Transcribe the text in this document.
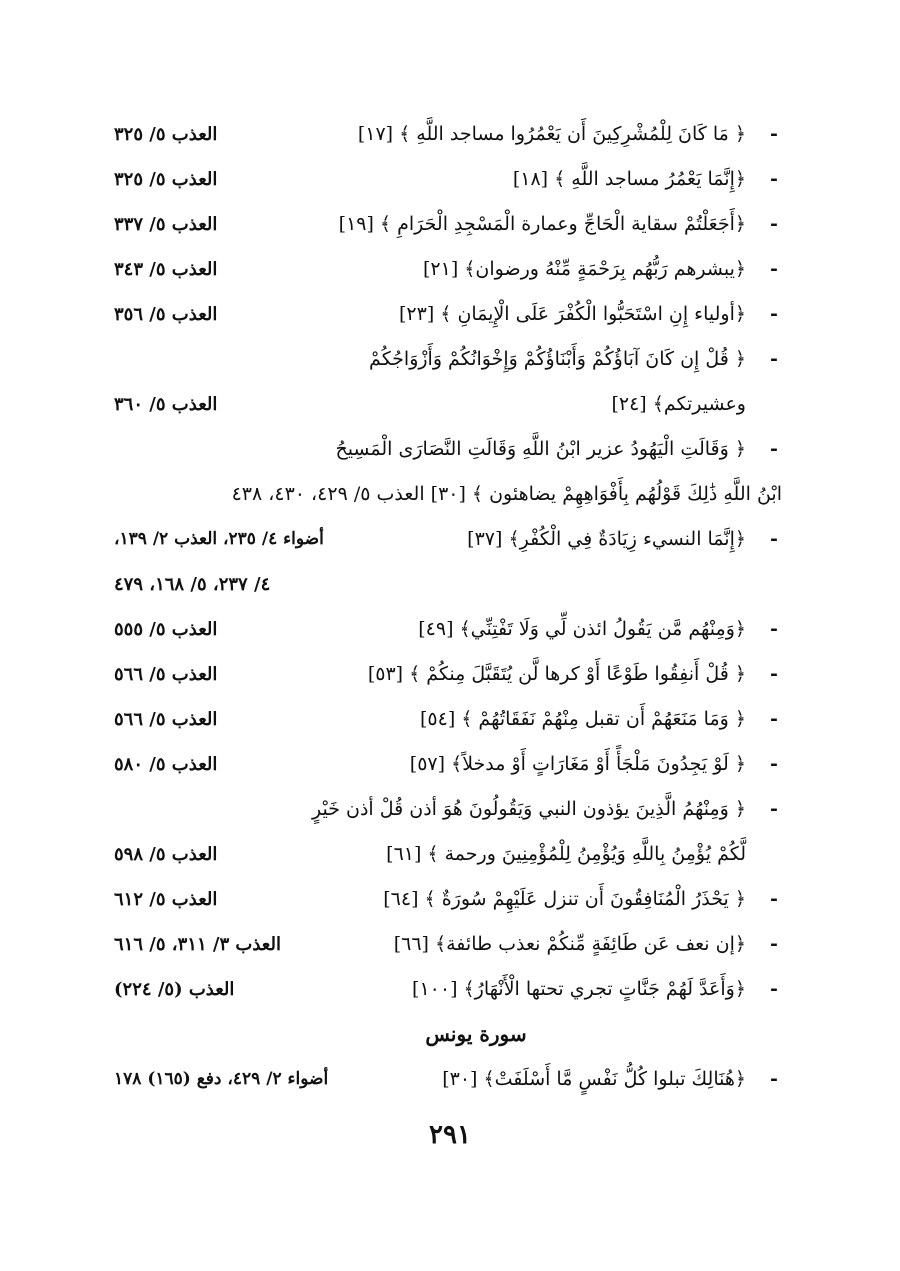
-
﴿ مَا كَانَ لِلْمُشْرِكِينَ أَن يَعْمُرُوا مساجد اللَّهِ ﴾ [١٧]
العذب ٥/ ٣٢٥
-
﴿إِنَّمَا يَعْمُرُ مساجد اللَّهِ ﴾ [١٨]
العذب ٥/ ٣٢٥
-
﴿أَجَعَلْتُمْ سقاية الْحَاجِّ وعمارة الْمَسْجِدِ الْحَرَامِ ﴾ [١٩]
العذب ٥/ ٣٣٧
-
﴿يبشرهم رَبُّهُم بِرَحْمَةٍ مِّنْهُ ورضوان﴾ [٢١]
العذب ٥/ ٣٤٣
-
﴿أولياء إِنِ اسْتَحَبُّوا الْكُفْرَ عَلَى الْإِيمَانِ ﴾ [٢٣]
العذب ٥/ ٣٥٦
-
﴿ قُلْ إِن كَانَ آبَاؤُكُمْ وَأَبْنَاؤُكُمْ وَإِخْوَانُكُمْ وَأَزْوَاجُكُمْ
وعشيرتكم﴾ [٢٤]
العذب ٥/ ٣٦٠
-
﴿ وَقَالَتِ الْيَهُودُ عزير ابْنُ اللَّهِ وَقَالَتِ النَّصَارَى الْمَسِيحُ
ابْنُ اللَّهِ ذَٰلِكَ قَوْلُهُم بِأَفْوَاهِهِمْ يضاهئون ﴾ [٣٠] العذب ٥/ ٤٢٩، ٤٣٠، ٤٣٨
-
﴿إِنَّمَا النسيء زِيَادَةٌ فِي الْكُفْرِ﴾ [٣٧]
أضواء ٤/ ٢٣٥، العذب ٢/ ١٣٩،
٤/ ٢٣٧، ٥/ ١٦٨، ٤٧٩
-
﴿وَمِنْهُم مَّن يَقُولُ ائذن لِّي وَلَا تَفْتِنِّي﴾ [٤٩]
العذب ٥/ ٥٥٥
-
﴿ قُلْ أَنفِقُوا طَوْعًا أَوْ كرها لَّن يُتَقَبَّلَ مِنكُمْ ﴾ [٥٣]
العذب ٥/ ٥٦٦
-
﴿ وَمَا مَنَعَهُمْ أَن تقبل مِنْهُمْ نَفَقَاتُهُمْ ﴾ [٥٤]
العذب ٥/ ٥٦٦
-
﴿ لَوْ يَجِدُونَ مَلْجَأً أَوْ مَغَارَاتٍ أَوْ مدخلاً﴾ [٥٧]
العذب ٥/ ٥٨٠
-
﴿ وَمِنْهُمُ الَّذِينَ يؤذون النبي وَيَقُولُونَ هُوَ أذن قُلْ أذن خَيْرٍ
لَّكُمْ يُؤْمِنُ بِاللَّهِ وَيُؤْمِنُ لِلْمُؤْمِنِينَ ورحمة ﴾ [٦١]
العذب ٥/ ٥٩٨
-
﴿ يَحْذَرُ الْمُنَافِقُونَ أَن تنزل عَلَيْهِمْ سُورَةٌ ﴾ [٦٤]
العذب ٥/ ٦١٢
-
﴿إن نعف عَن طَائِفَةٍ مِّنكُمْ نعذب طائفة﴾ [٦٦]
العذب ٣/ ٣١١، ٥/ ٦١٦
-
﴿وَأَعَدَّ لَهُمْ جَنَّاتٍ تجري تحتها الْأَنْهَارُ﴾ [١٠٠]
العذب (٥/ ٢٢٤)
سورة يونس
-
﴿هُنَالِكَ تبلوا كُلُّ نَفْسٍ مَّا أَسْلَفَتْ﴾ [٣٠]
أضواء ٢/ ٤٢٩، دفع (١٦٥) ١٧٨
٢٩١
